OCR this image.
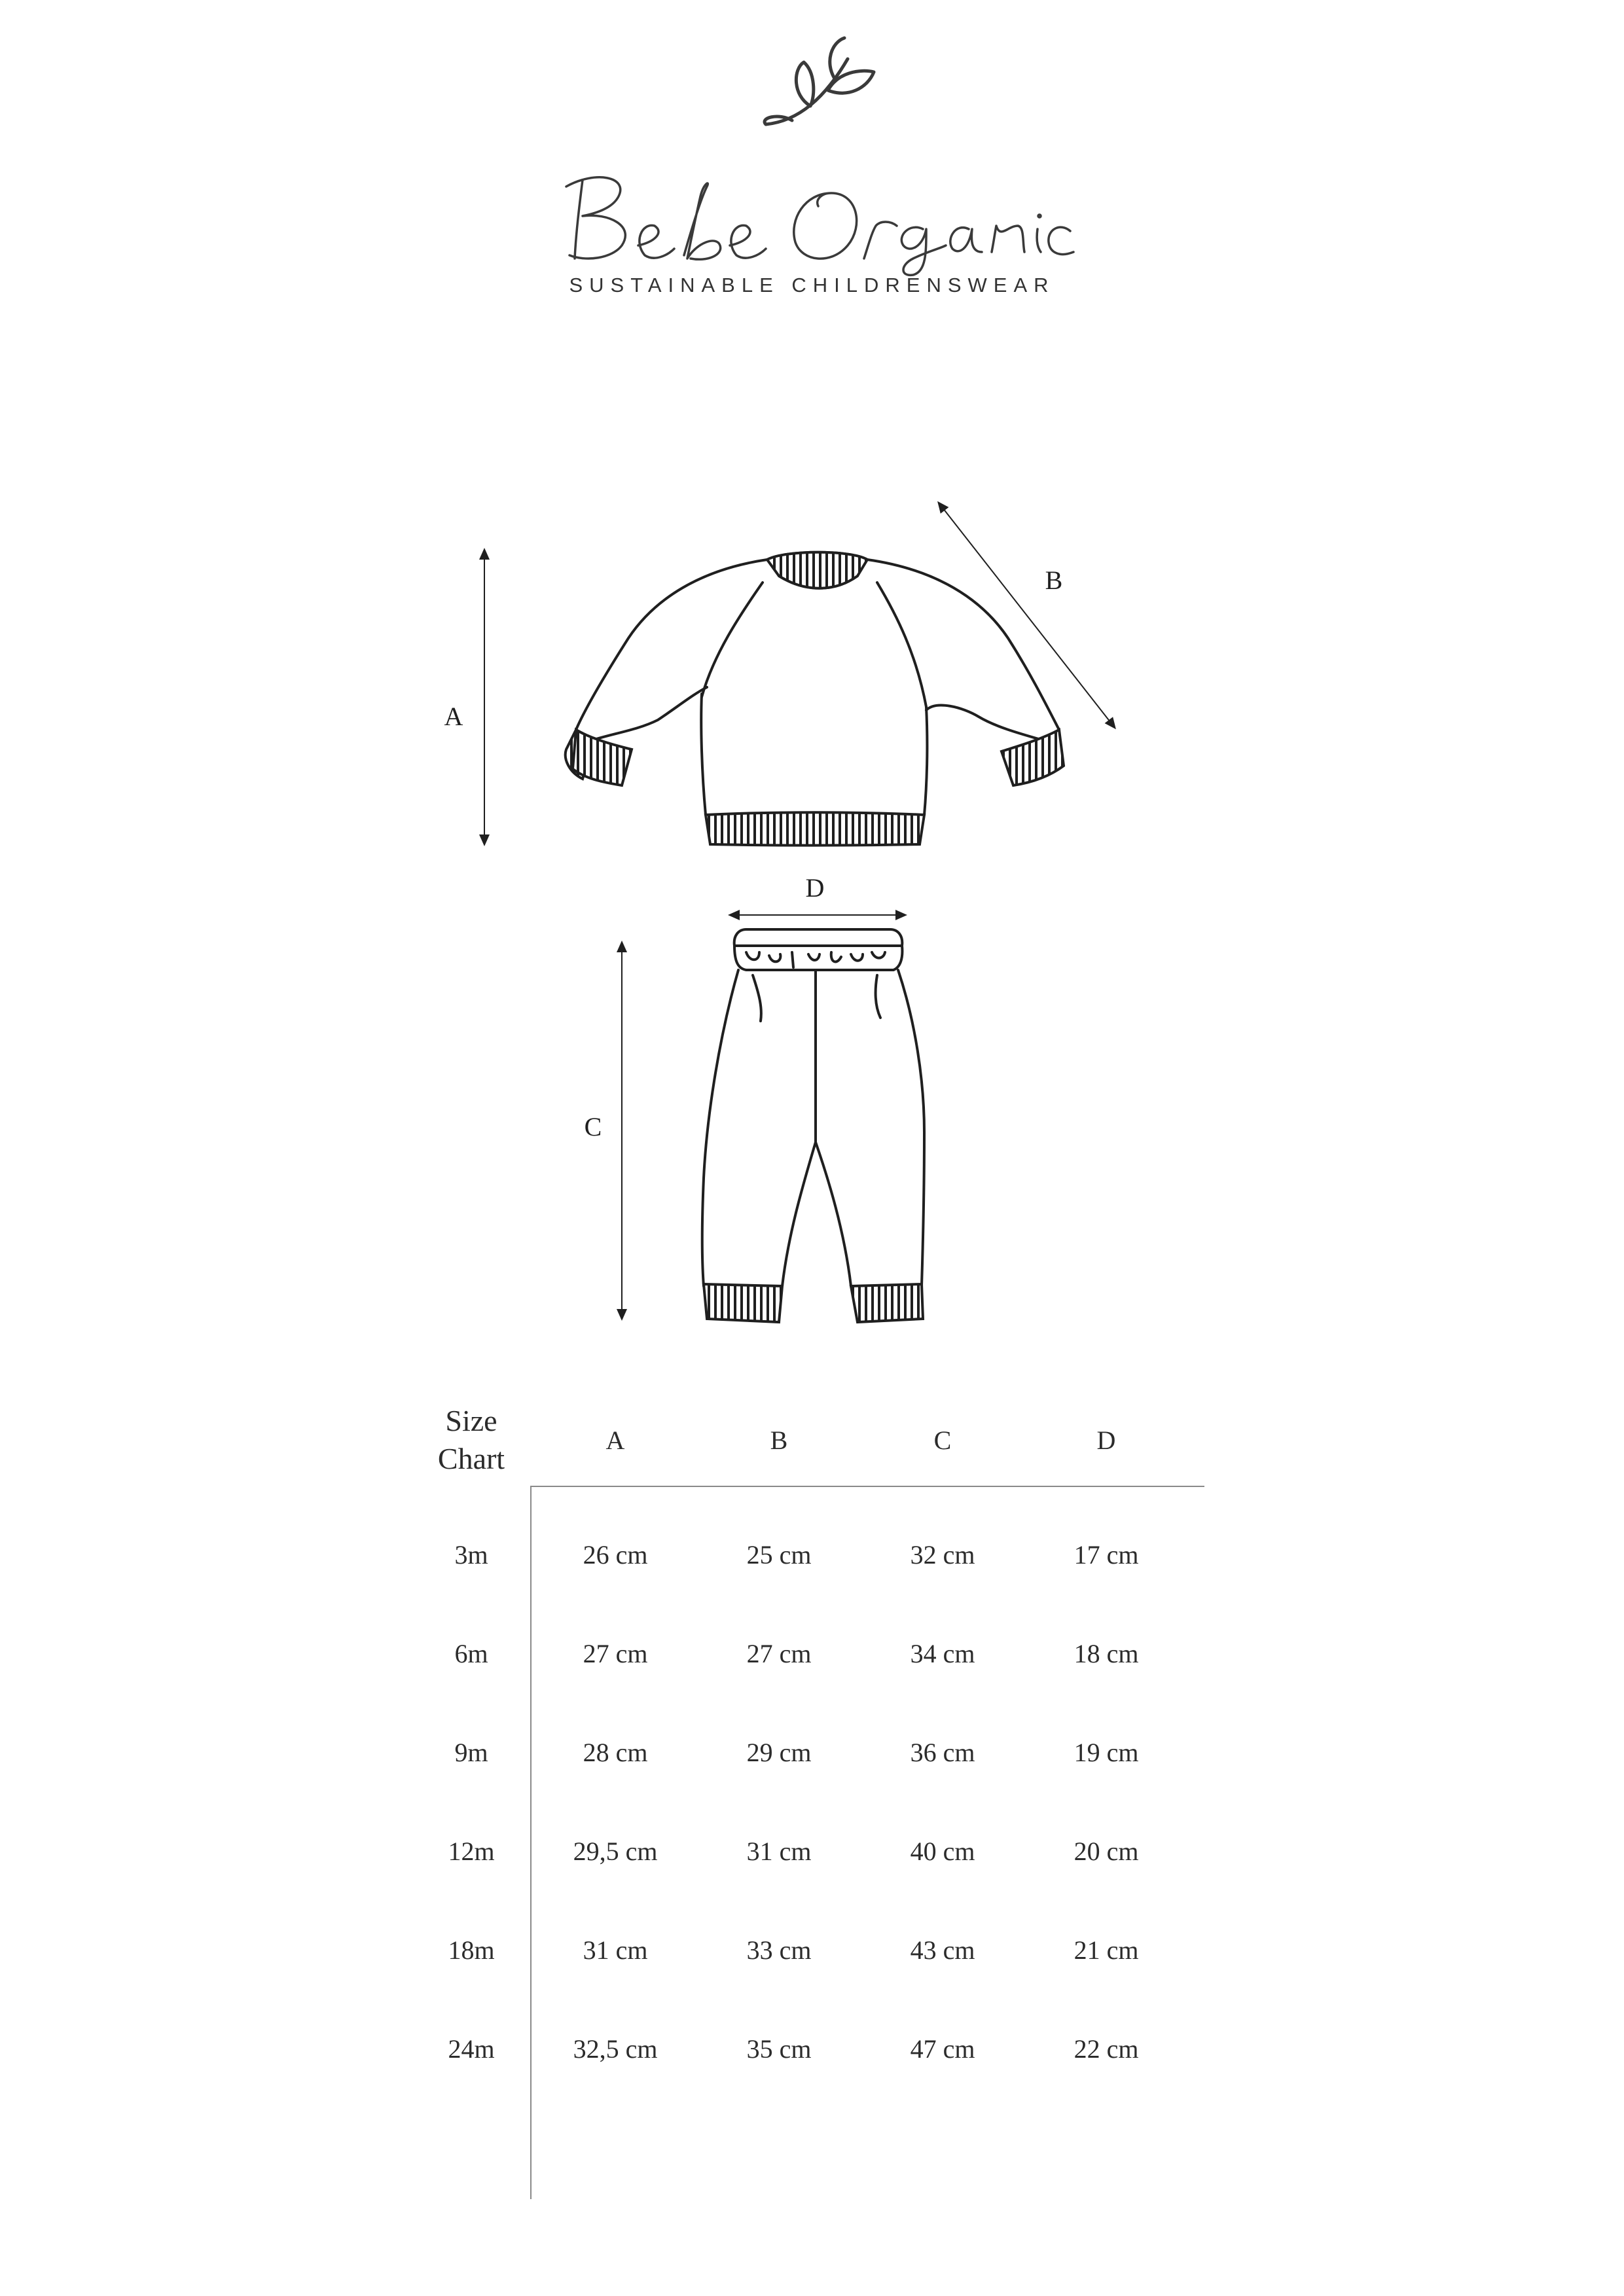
SUSTAINABLE CHILDRENSWEAR
A
B
D
C
Size Chart
A	B	C	D
3m	26 cm	25 cm	32 cm	17 cm
6m	27 cm	27 cm	34 cm	18 cm
9m	28 cm	29 cm	36 cm	19 cm
12m	29,5 cm	31 cm	40 cm	20 cm
18m	31 cm	33 cm	43 cm	21 cm
24m	32,5 cm	35 cm	47 cm	22 cm
